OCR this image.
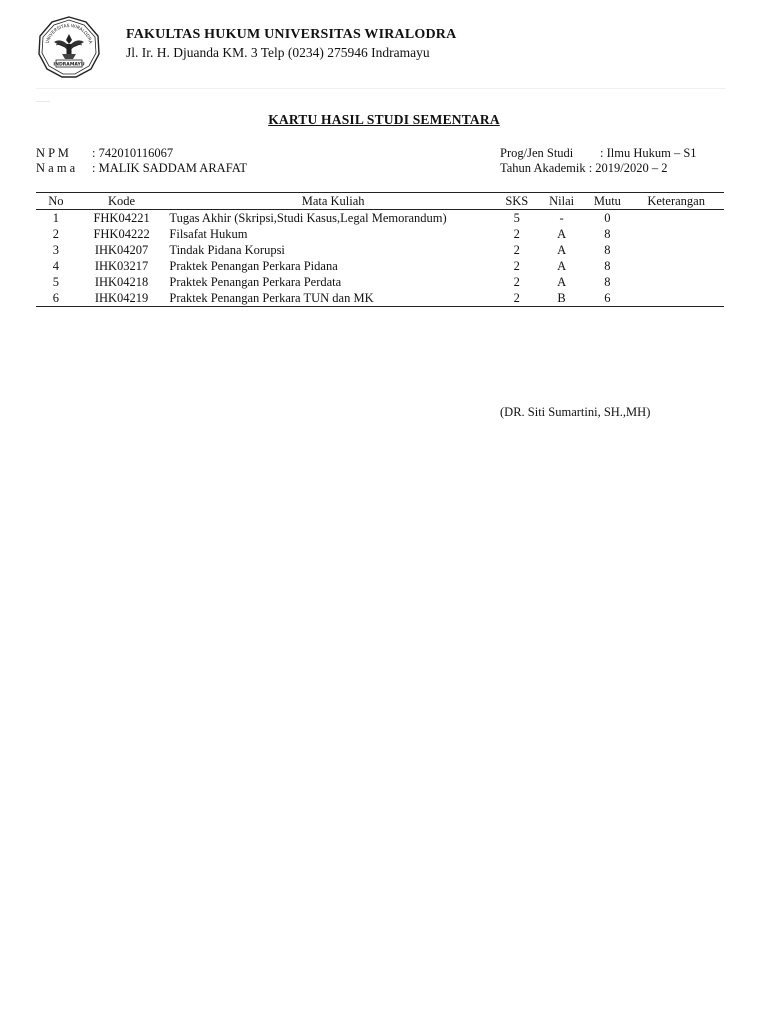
UNIVERSITAS WIRALODRA
INDRAMAYU
FAKULTAS HUKUM UNIVERSITAS WIRALODRA
Jl. Ir. H. Djuanda KM. 3 Telp (0234) 275946 Indramayu
KARTU HASIL STUDI SEMENTARA
N P M : 742010116067
N a m a : MALIK SADDAM ARAFAT
Prog/Jen Studi : Ilmu Hukum – S1
Tahun Akademik : 2019/2020 – 2
No	Kode	Mata Kuliah	SKS	Nilai	Mutu	Keterangan
1	FHK04221	Tugas Akhir (Skripsi,Studi Kasus,Legal Memorandum)	5	-	0	
2	FHK04222	Filsafat Hukum	2	A	8	
3	IHK04207	Tindak Pidana Korupsi	2	A	8	
4	IHK03217	Praktek Penangan Perkara Pidana	2	A	8	
5	IHK04218	Praktek Penangan Perkara Perdata	2	A	8	
6	IHK04219	Praktek Penangan Perkara TUN dan MK	2	B	6	
(DR. Siti Sumartini, SH.,MH)
